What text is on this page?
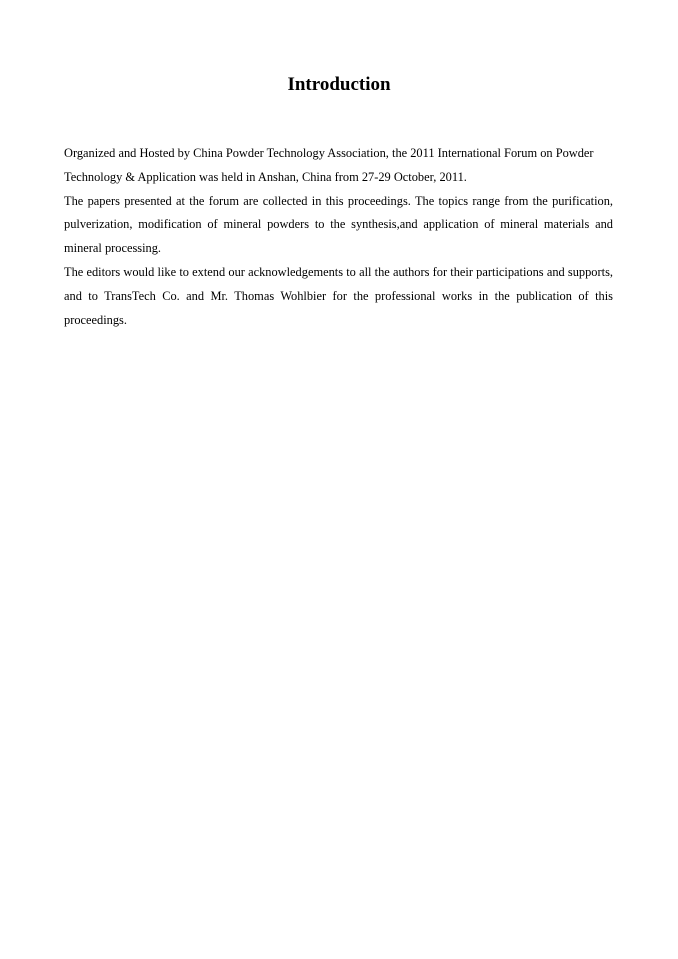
Introduction

Organized and Hosted by China Powder Technology Association, the 2011 International Forum on Powder Technology & Application was held in Anshan, China from 27-29 October, 2011.

The papers presented at the forum are collected in this proceedings. The topics range from the purification, pulverization, modification of mineral powders to the synthesis,and application of mineral materials and mineral processing.

The editors would like to extend our acknowledgements to all the authors for their participations and supports, and to TransTech Co. and Mr. Thomas Wohlbier for the professional works in the publication of this proceedings.
